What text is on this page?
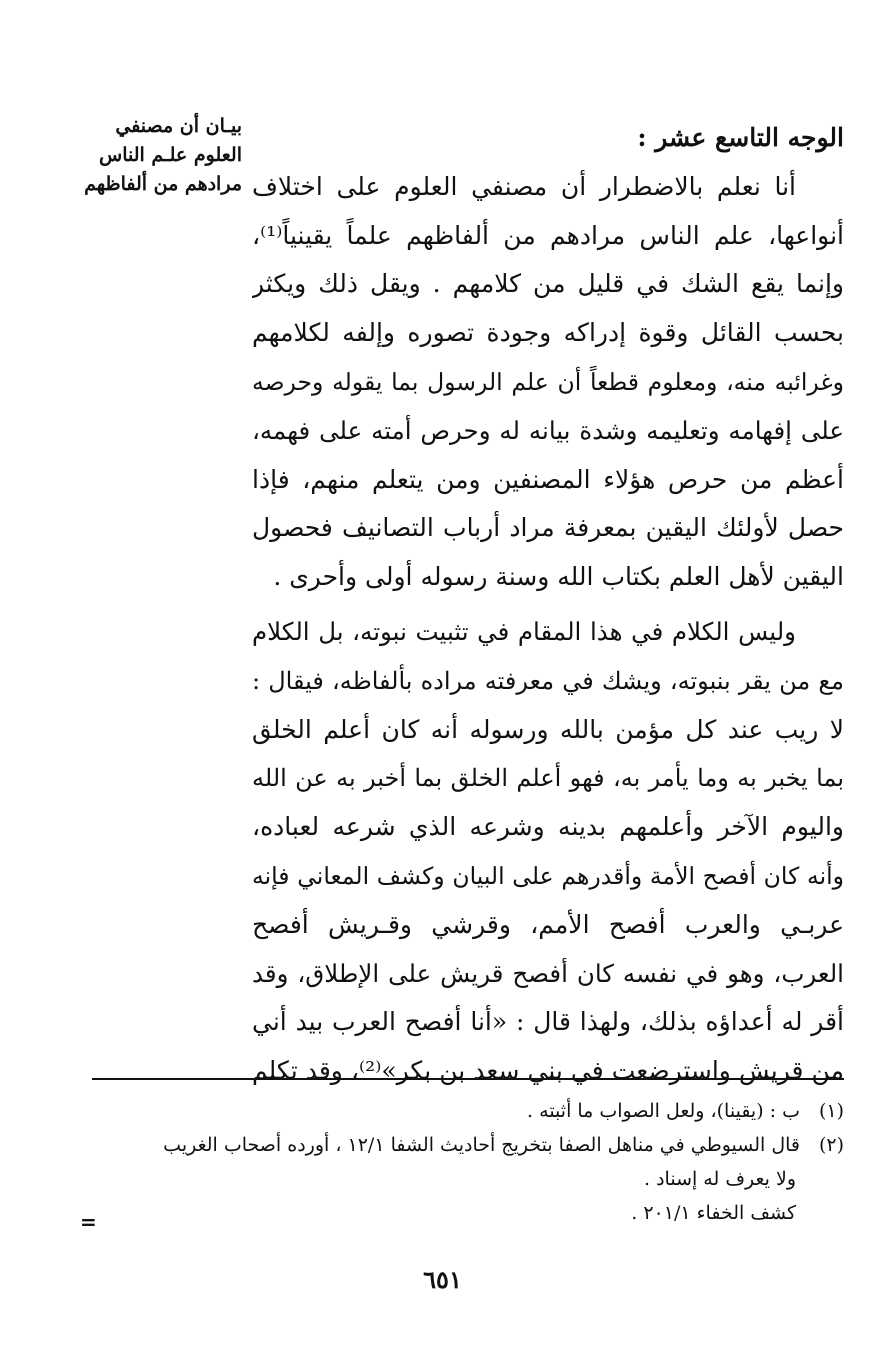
بيـان أن مصنفي
العلوم علـم الناس
مرادهم من ألفاظهم
الوجه التاسع عشر :
أنا نعلم بالاضطرار أن مصنفي العلوم على اختلاف
أنواعها، علم الناس مرادهم من ألفاظهم علماً يقينياً⁽¹⁾،
وإنما يقع الشك في قليل من كلامهم . ويقل ذلك ويكثر
بحسب القائل وقوة إدراكه وجودة تصوره وإلفه لكلامهم
وغرائبه منه، ومعلوم قطعاً أن علم الرسول بما يقوله وحرصه
على إفهامه وتعليمه وشدة بيانه له وحرص أمته على فهمه،
أعظم من حرص هؤلاء المصنفين ومن يتعلم منهم، فإذا
حصل لأولئك اليقين بمعرفة مراد أرباب التصانيف فحصول
اليقين لأهل العلم بكتاب الله وسنة رسوله أولى وأحرى .
وليس الكلام في هذا المقام في تثبيت نبوته، بل الكلام
مع من يقر بنبوته، ويشك في معرفته مراده بألفاظه، فيقال :
لا ريب عند كل مؤمن بالله ورسوله أنه كان أعلم الخلق
بما يخبر به وما يأمر به، فهو أعلم الخلق بما أخبر به عن الله
واليوم الآخر وأعلمهم بدينه وشرعه الذي شرعه لعباده،
وأنه كان أفصح الأمة وأقدرهم على البيان وكشف المعاني فإنه
عربـي والعرب أفصح الأمم، وقرشي وقـريش أفصح
العرب، وهو في نفسه كان أفصح قريش على الإطلاق، وقد
أقر له أعداؤه بذلك، ولهذا قال : «أنا أفصح العرب بيد أني
من قريش واسترضعت في بني سعد بن بكر»⁽²⁾، وقد تكلم
(١)ب : (يقينا)، ولعل الصواب ما أثبته .
(٢)قال السيوطي في مناهل الصفا بتخريج أحاديث الشفا ١٢/١ ، أورده أصحاب الغريب
ولا يعرف له إسناد .
كشف الخفاء ٢٠١/١ .
=
٦٥١
